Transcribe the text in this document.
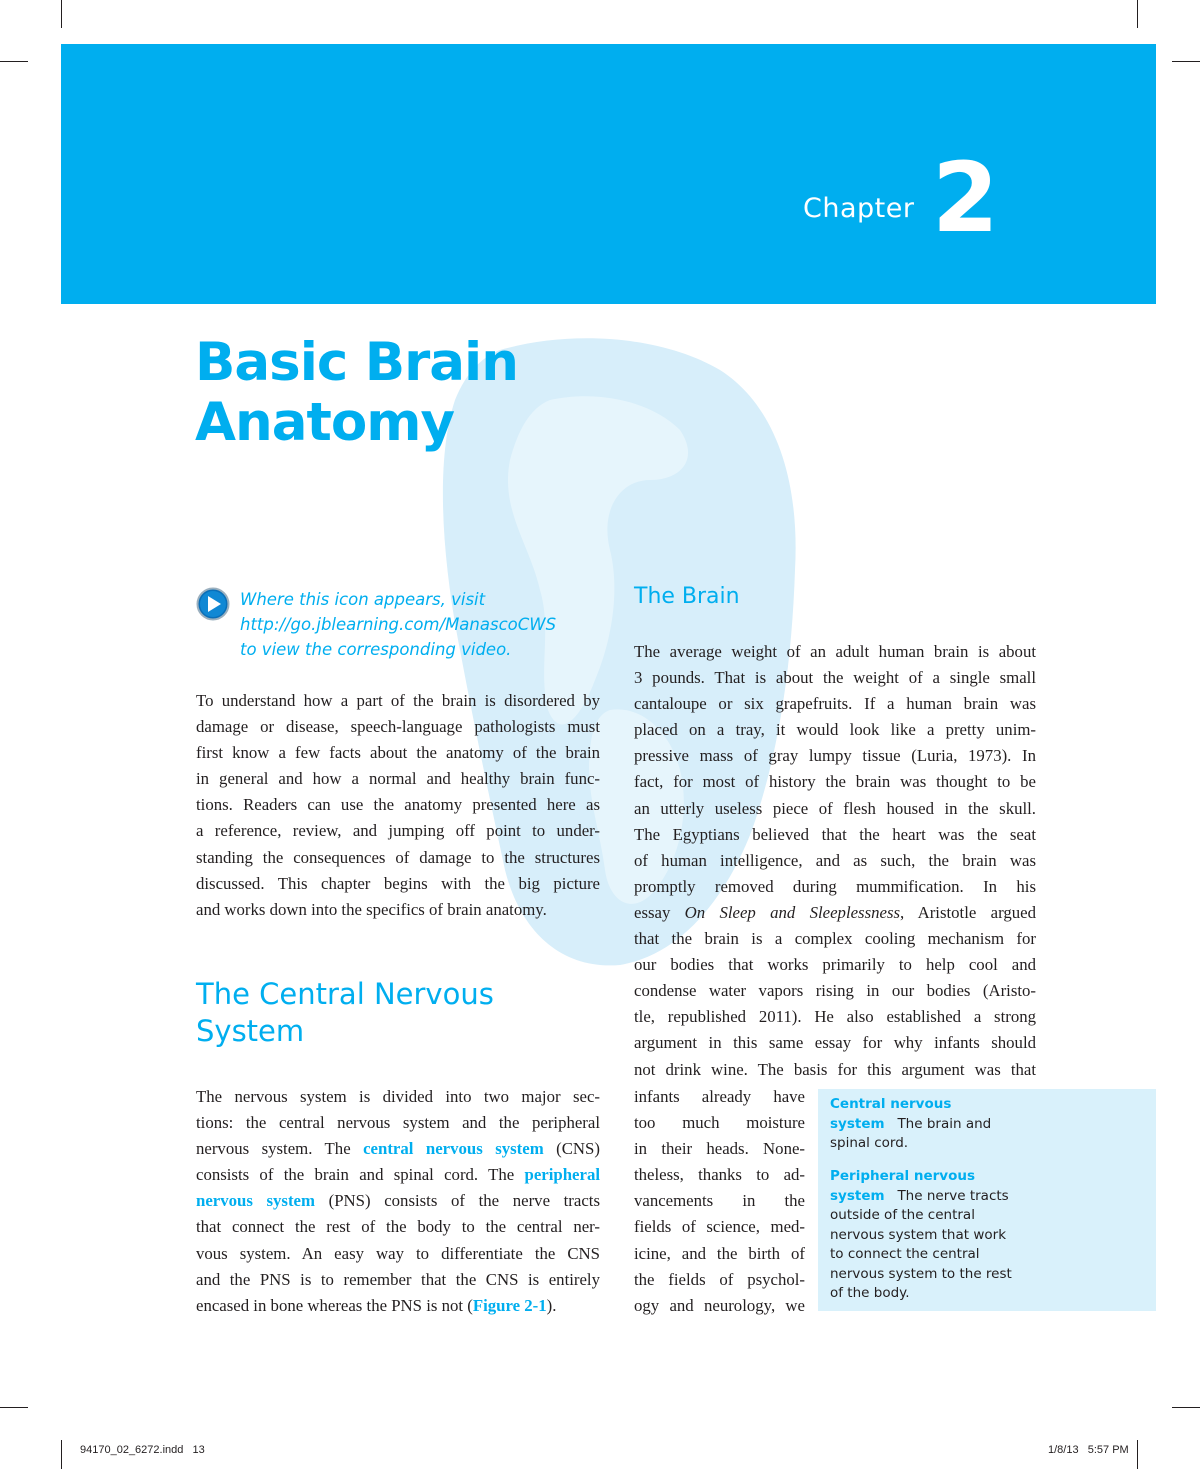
Chapter 2
Basic Brain
Anatomy
Where this icon appears, visit
http://go.jblearning.com/ManascoCWS
to view the corresponding video.

To understand how a part of the brain is disordered by
damage or disease, speech-language pathologists must
first know a few facts about the anatomy of the brain
in general and how a normal and healthy brain func-
tions. Readers can use the anatomy presented here as
a reference, review, and jumping off point to under-
standing the consequences of damage to the structures
discussed. This chapter begins with the big picture
and works down into the specifics of brain anatomy.

The Central Nervous
System

The nervous system is divided into two major sec-
tions: the central nervous system and the peripheral
nervous system. The central nervous system (CNS)
consists of the brain and spinal cord. The peripheral
nervous system (PNS) consists of the nerve tracts
that connect the rest of the body to the central ner-
vous system. An easy way to differentiate the CNS
and the PNS is to remember that the CNS is entirely
encased in bone whereas the PNS is not (Figure 2-1).

The Brain

The average weight of an adult human brain is about
3 pounds. That is about the weight of a single small
cantaloupe or six grapefruits. If a human brain was
placed on a tray, it would look like a pretty unim-
pressive mass of gray lumpy tissue (Luria, 1973). In
fact, for most of history the brain was thought to be
an utterly useless piece of flesh housed in the skull.
The Egyptians believed that the heart was the seat
of human intelligence, and as such, the brain was
promptly removed during mummification. In his
essay On Sleep and Sleeplessness, Aristotle argued
that the brain is a complex cooling mechanism for
our bodies that works primarily to help cool and
condense water vapors rising in our bodies (Aristo-
tle, republished 2011). He also established a strong
argument in this same essay for why infants should
not drink wine. The basis for this argument was that

infants already have
too much moisture
in their heads. None-
theless, thanks to ad-
vancements in the
fields of science, med-
icine, and the birth of
the fields of psychol-
ogy and neurology, we

Central nervous
system The brain and
spinal cord.
Peripheral nervous
system The nerve tracts
outside of the central
nervous system that work
to connect the central
nervous system to the rest
of the body.
94170_02_6272.indd   13	1/8/13   5:57 PM
